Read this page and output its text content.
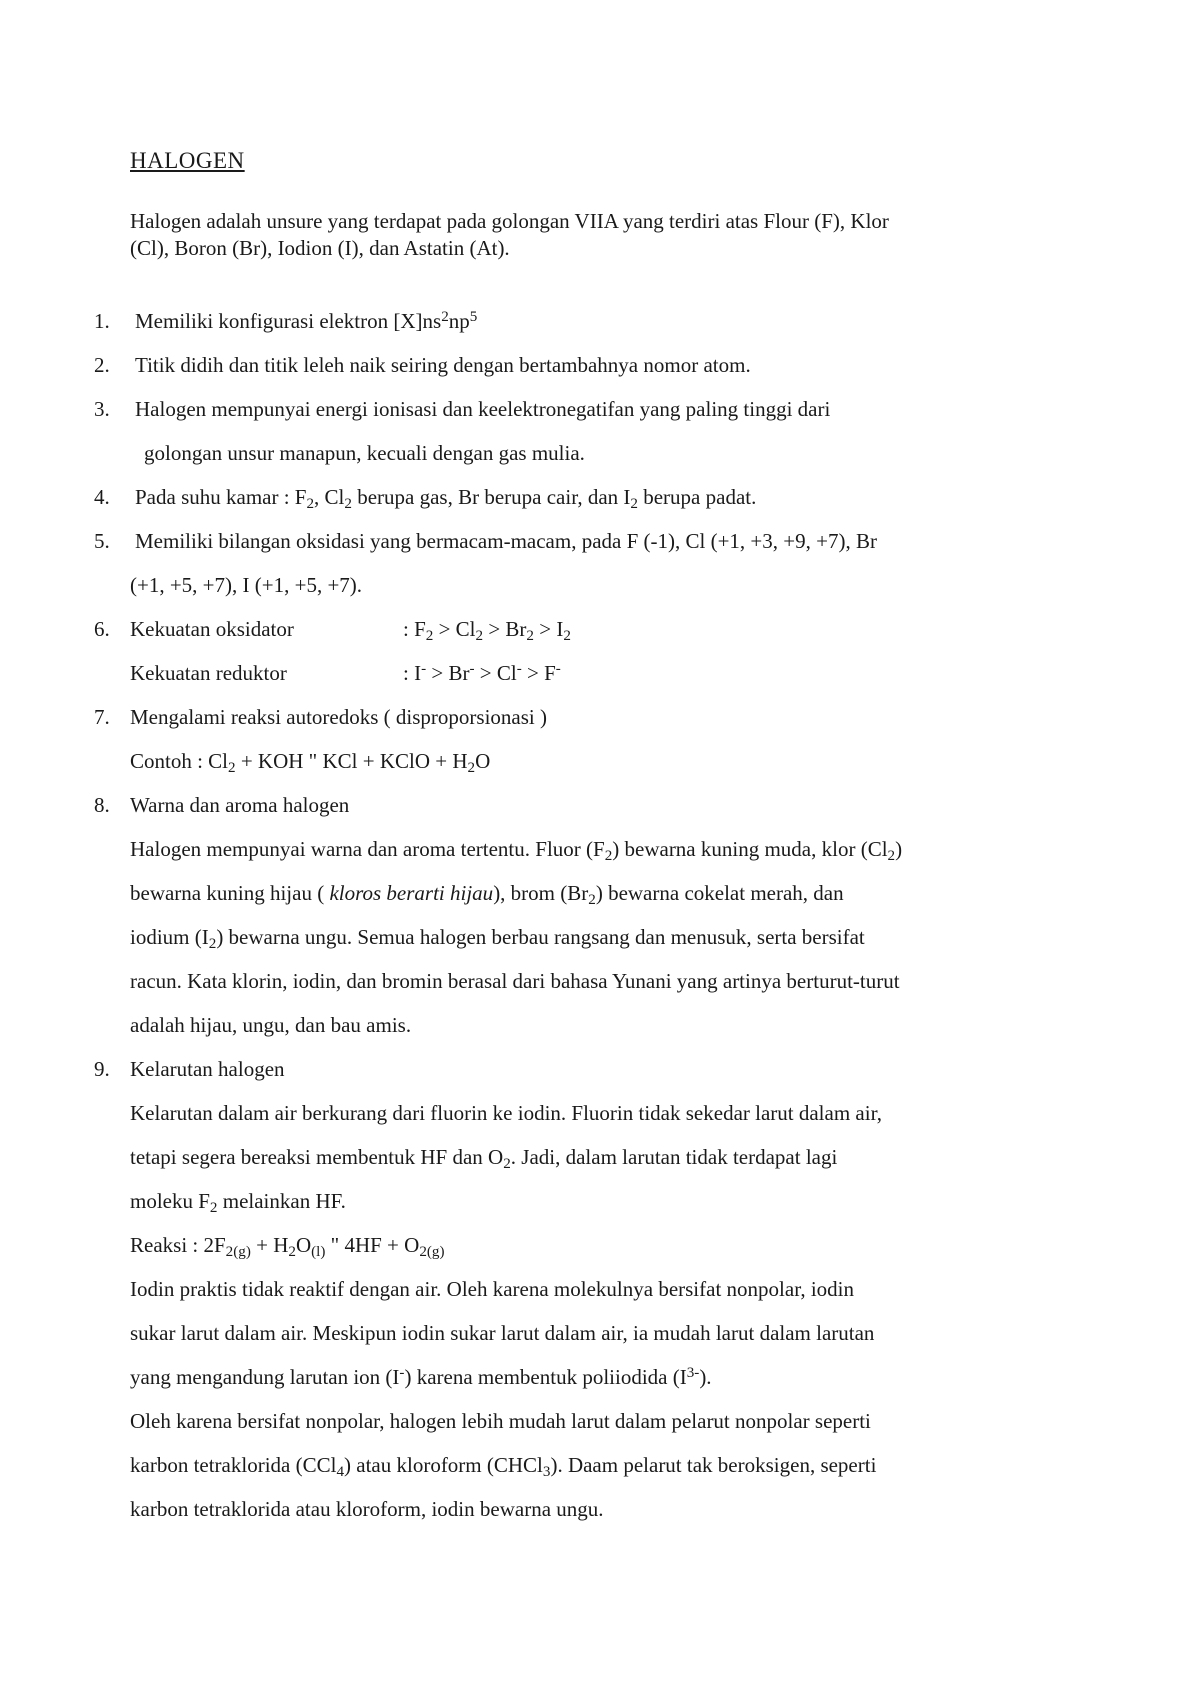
HALOGEN
Halogen adalah unsure yang terdapat pada golongan VIIA yang terdiri atas Flour (F), Klor
(Cl), Boron (Br), Iodion (I), dan Astatin (At).
1. Memiliki konfigurasi elektron $[X]ns^2np^5$
2. Titik didih dan titik leleh naik seiring dengan bertambahnya nomor atom.
3. Halogen mempunyai energi ionisasi dan keelektronegatifan yang paling tinggi dari
golongan unsur manapun, kecuali dengan gas mulia.
4. Pada suhu kamar : $F_2$, $Cl_2$ berupa gas, Br berupa cair, dan $I_2$ berupa padat.
5. Memiliki bilangan oksidasi yang bermacam-macam, pada F (-1), Cl (+1, +3, +9, +7), Br
(+1, +5, +7), I (+1, +5, +7).
6. Kekuatan oksidator	: $F_2 > Cl_2 > Br_2 > I_2$
Kekuatan reduktor	: I- > Br- > Cl- > F-
7. Mengalami reaksi autoredoks ( disproporsionasi )
Contoh : $Cl_2$ + KOH " KCl + KClO + $H_2O$
8. Warna dan aroma halogen
Halogen mempunyai warna dan aroma tertentu. Fluor $(F_2)$ bewarna kuning muda, klor $(Cl_2)$
bewarna kuning hijau ( kloros berarti hijau), brom $(Br_2)$ bewarna cokelat merah, dan
iodium $(I_2)$ bewarna ungu. Semua halogen berbau rangsang dan menusuk, serta bersifat
racun. Kata klorin, iodin, dan bromin berasal dari bahasa Yunani yang artinya berturut-turut
adalah hijau, ungu, dan bau amis.
9. Kelarutan halogen
Kelarutan dalam air berkurang dari fluorin ke iodin. Fluorin tidak sekedar larut dalam air,
tetapi segera bereaksi membentuk HF dan $O_2$. Jadi, dalam larutan tidak terdapat lagi
moleku $F_2$ melainkan HF.
Reaksi : $2F_{2(g)} + H_2O_{(l)}$ " $4HF + O_{2(g)}$
Iodin praktis tidak reaktif dengan air. Oleh karena molekulnya bersifat nonpolar, iodin
sukar larut dalam air. Meskipun iodin sukar larut dalam air, ia mudah larut dalam larutan
yang mengandung larutan ion (I-) karena membentuk poliiodida $(I^{3-})$.
Oleh karena bersifat nonpolar, halogen lebih mudah larut dalam pelarut nonpolar seperti
karbon tetraklorida (CCl$_4$) atau kloroform (CHCl$_3$). Daam pelarut tak beroksigen, seperti
karbon tetraklorida atau kloroform, iodin bewarna ungu.
